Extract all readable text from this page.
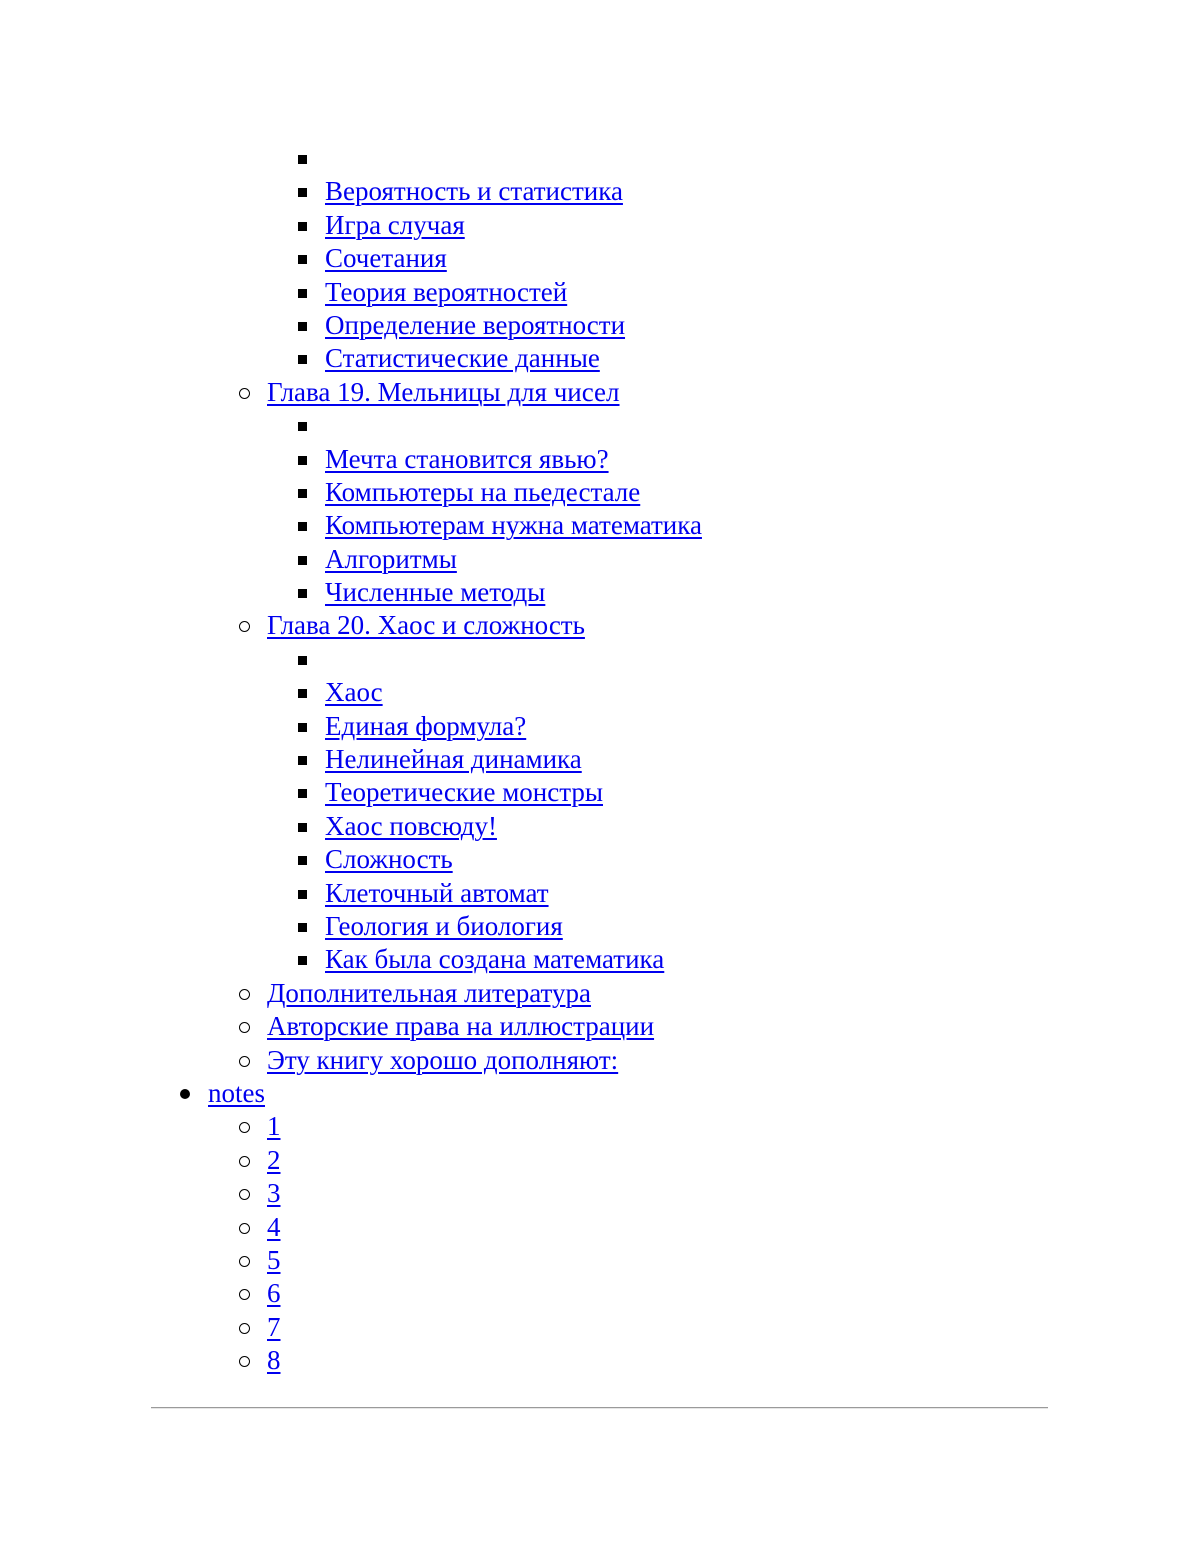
Вероятность и статистика
Игра случая
Сочетания
Теория вероятностей
Определение вероятности
Статистические данные
Глава 19. Мельницы для чисел
Мечта становится явью?
Компьютеры на пьедестале
Компьютерам нужна математика
Алгоритмы
Численные методы
Глава 20. Хаос и сложность
Хаос
Единая формула?
Нелинейная динамика
Теоретические монстры
Хаос повсюду!
Сложность
Клеточный автомат
Геология и биология
Как была создана математика
Дополнительная литература
Авторские права на иллюстрации
Эту книгу хорошо дополняют:
notes
1
2
3
4
5
6
7
8
